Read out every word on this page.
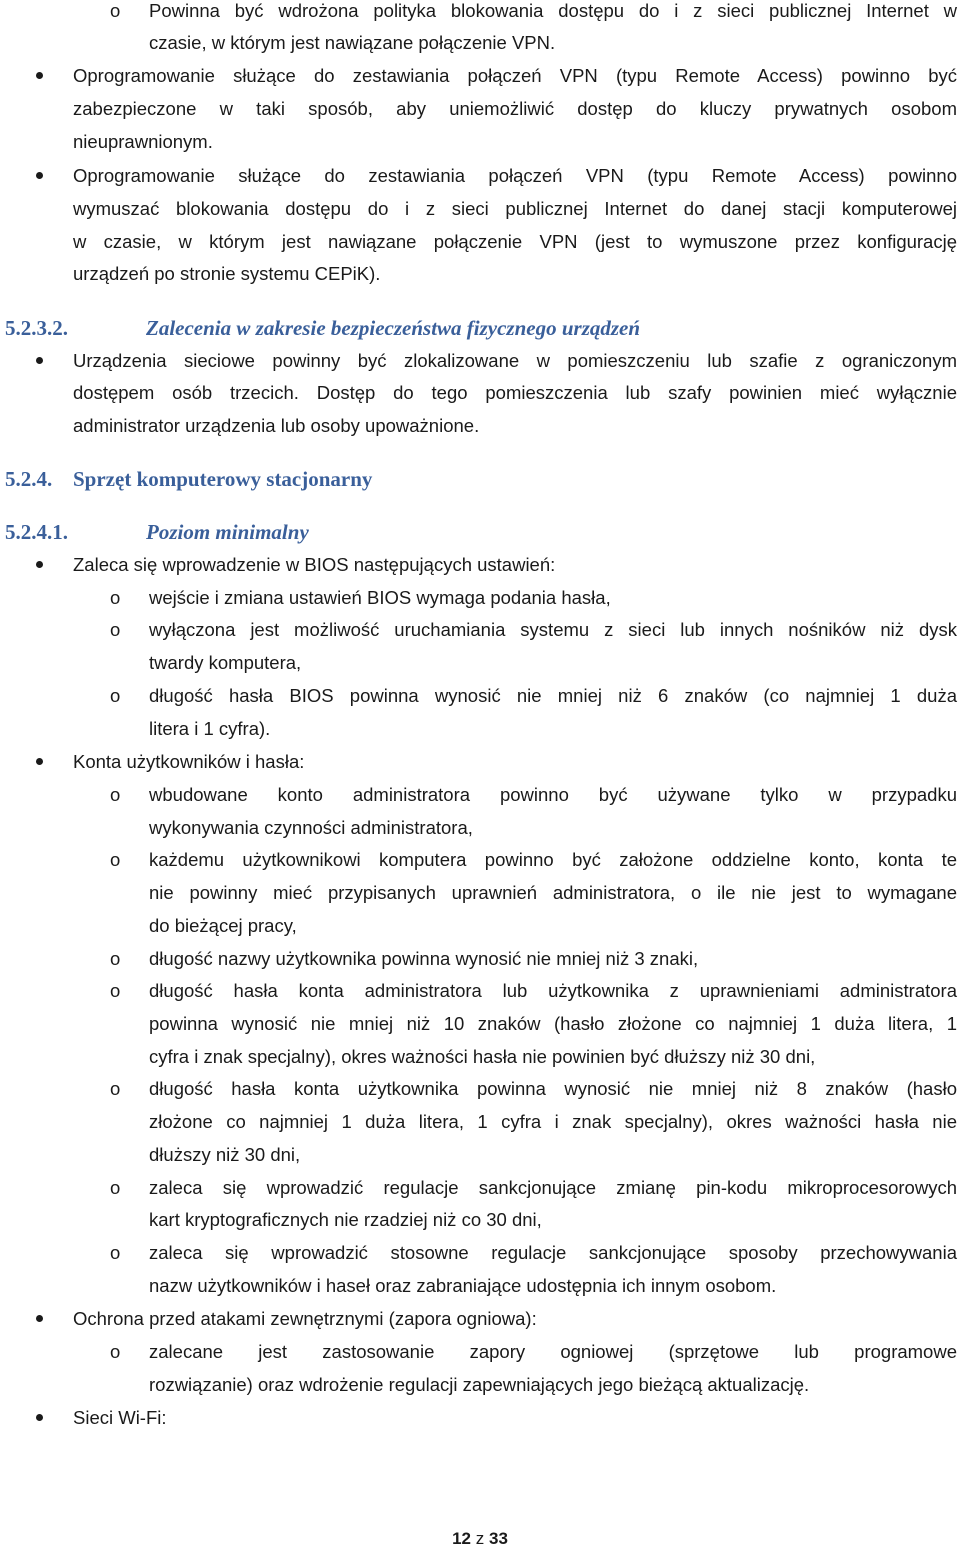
o Powinna być wdrożona polityka blokowania dostępu do i z sieci publicznej Internet w
czasie, w którym jest nawiązane połączenie VPN.
Oprogramowanie służące do zestawiania połączeń VPN (typu Remote Access) powinno być
zabezpieczone w taki sposób, aby uniemożliwić dostęp do kluczy prywatnych osobom
nieuprawnionym.
Oprogramowanie służące do zestawiania połączeń VPN (typu Remote Access) powinno
wymuszać blokowania dostępu do i z sieci publicznej Internet do danej stacji komputerowej
w czasie, w którym jest nawiązane połączenie VPN (jest to wymuszone przez konfigurację
urządzeń po stronie systemu CEPiK).
5.2.3.2.	Zalecenia w zakresie bezpieczeństwa fizycznego urządzeń
Urządzenia sieciowe powinny być zlokalizowane w pomieszczeniu lub szafie z ograniczonym
dostępem osób trzecich. Dostęp do tego pomieszczenia lub szafy powinien mieć wyłącznie
administrator urządzenia lub osoby upoważnione.
5.2.4. Sprzęt komputerowy stacjonarny
5.2.4.1.	Poziom minimalny
Zaleca się wprowadzenie w BIOS następujących ustawień:
o wejście i zmiana ustawień BIOS wymaga podania hasła,
o wyłączona jest możliwość uruchamiania systemu z sieci lub innych nośników niż dysk
twardy komputera,
o długość hasła BIOS powinna wynosić nie mniej niż 6 znaków (co najmniej 1 duża
litera i 1 cyfra).
Konta użytkowników i hasła:
o wbudowane konto administratora powinno być używane tylko w przypadku
wykonywania czynności administratora,
o każdemu użytkownikowi komputera powinno być założone oddzielne konto, konta te
nie powinny mieć przypisanych uprawnień administratora, o ile nie jest to wymagane
do bieżącej pracy,
o długość nazwy użytkownika powinna wynosić nie mniej niż 3 znaki,
o długość hasła konta administratora lub użytkownika z uprawnieniami administratora
powinna wynosić nie mniej niż 10 znaków (hasło złożone co najmniej 1 duża litera, 1
cyfra i znak specjalny), okres ważności hasła nie powinien być dłuższy niż 30 dni,
o długość hasła konta użytkownika powinna wynosić nie mniej niż 8 znaków (hasło
złożone co najmniej 1 duża litera, 1 cyfra i znak specjalny), okres ważności hasła nie
dłuższy niż 30 dni,
o zaleca się wprowadzić regulacje sankcjonujące zmianę pin-kodu mikroprocesorowych
kart kryptograficznych nie rzadziej niż co 30 dni,
o zaleca się wprowadzić stosowne regulacje sankcjonujące sposoby przechowywania
nazw użytkowników i haseł oraz zabraniające udostępnia ich innym osobom.
Ochrona przed atakami zewnętrznymi (zapora ogniowa):
o zalecane jest zastosowanie zapory ogniowej (sprzętowe lub programowe
rozwiązanie) oraz wdrożenie regulacji zapewniających jego bieżącą aktualizację.
Sieci Wi-Fi:
12 z 33
